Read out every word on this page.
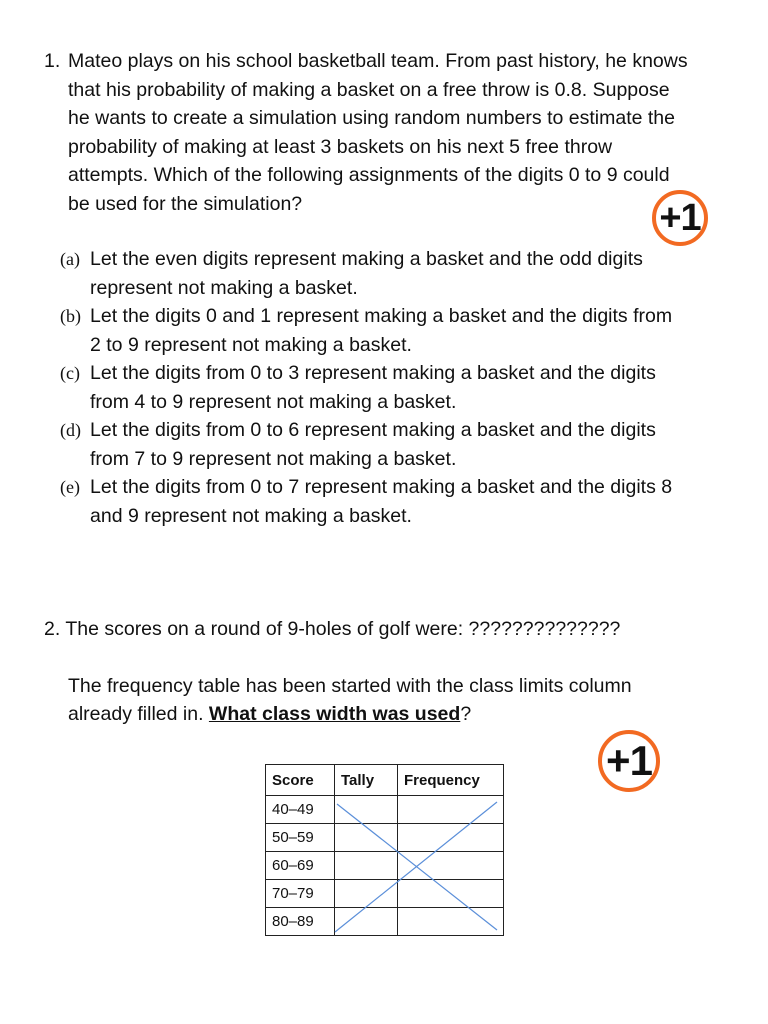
1. Mateo plays on his school basketball team. From past history, he knows
that his probability of making a basket on a free throw is 0.8. Suppose
he wants to create a simulation using random numbers to estimate the
probability of making at least 3 baskets on his next 5 free throw
attempts. Which of the following assignments of the digits 0 to 9 could
be used for the simulation?	+1
(a) Let the even digits represent making a basket and the odd digits
represent not making a basket.
(b) Let the digits 0 and 1 represent making a basket and the digits from
2 to 9 represent not making a basket.
(c) Let the digits from 0 to 3 represent making a basket and the digits
from 4 to 9 represent not making a basket.
(d) Let the digits from 0 to 6 represent making a basket and the digits
from 7 to 9 represent not making a basket.
(e) Let the digits from 0 to 7 represent making a basket and the digits 8
and 9 represent not making a basket.
2. The scores on a round of 9-holes of golf were: ??????????????
The frequency table has been started with the class limits column
already filled in. What class width was used?
+1
Score	Tally	Frequency
40–49		
50–59		
60–69		
70–79		
80–89		
